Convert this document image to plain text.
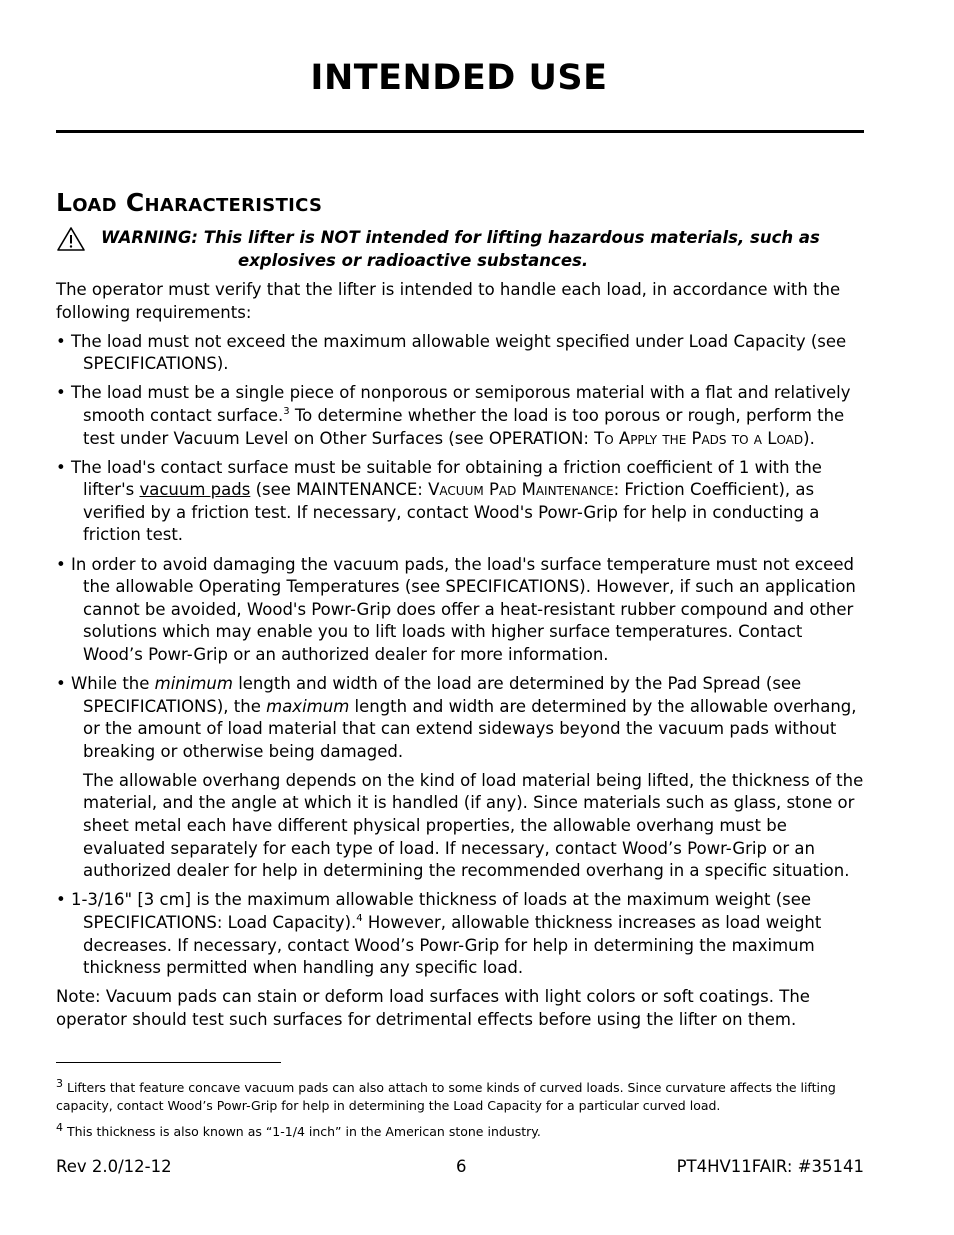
INTENDED USE
Load Characteristics
WARNING: This lifter is NOT intended for lifting hazardous materials, such as
explosives or radioactive substances.

The operator must verify that the lifter is intended to handle each load, in accordance with the following requirements:

• The load must not exceed the maximum allowable weight specified under Load Capacity (see SPECIFICATIONS).

• The load must be a single piece of nonporous or semiporous material with a flat and relatively smooth contact surface.$^3$ To determine whether the load is too porous or rough, perform the test under Vacuum Level on Other Surfaces (see OPERATION: To Apply the Pads to a Load).

• The load's contact surface must be suitable for obtaining a friction coefficient of 1 with the lifter's vacuum pads (see MAINTENANCE: Vacuum Pad Maintenance: Friction Coefficient), as verified by a friction test. If necessary, contact Wood's Powr-Grip for help in conducting a friction test.

• In order to avoid damaging the vacuum pads, the load's surface temperature must not exceed the allowable Operating Temperatures (see SPECIFICATIONS). However, if such an application cannot be avoided, Wood's Powr-Grip does offer a heat-resistant rubber compound and other solutions which may enable you to lift loads with higher surface temperatures. Contact Wood’s Powr-Grip or an authorized dealer for more information.

• While the minimum length and width of the load are determined by the Pad Spread (see SPECIFICATIONS), the maximum length and width are determined by the allowable overhang, or the amount of load material that can extend sideways beyond the vacuum pads without breaking or otherwise being damaged.

The allowable overhang depends on the kind of load material being lifted, the thickness of the material, and the angle at which it is handled (if any). Since materials such as glass, stone or sheet metal each have different physical properties, the allowable overhang must be evaluated separately for each type of load. If necessary, contact Wood’s Powr-Grip or an authorized dealer for help in determining the recommended overhang in a specific situation.

• 1-3/16" [3 cm] is the maximum allowable thickness of loads at the maximum weight (see SPECIFICATIONS: Load Capacity).$^4$ However, allowable thickness increases as load weight decreases. If necessary, contact Wood’s Powr-Grip for help in determining the maximum thickness permitted when handling any specific load.

Note: Vacuum pads can stain or deform load surfaces with light colors or soft coatings. The operator should test such surfaces for detrimental effects before using the lifter on them.

3 Lifters that feature concave vacuum pads can also attach to some kinds of curved loads. Since curvature affects the lifting capacity, contact Wood’s Powr-Grip for help in determining the Load Capacity for a particular curved load.

4 This thickness is also known as “1-1/4 inch” in the American stone industry.

Rev 2.0/12-12	6	PT4HV11FAIR: #35141
